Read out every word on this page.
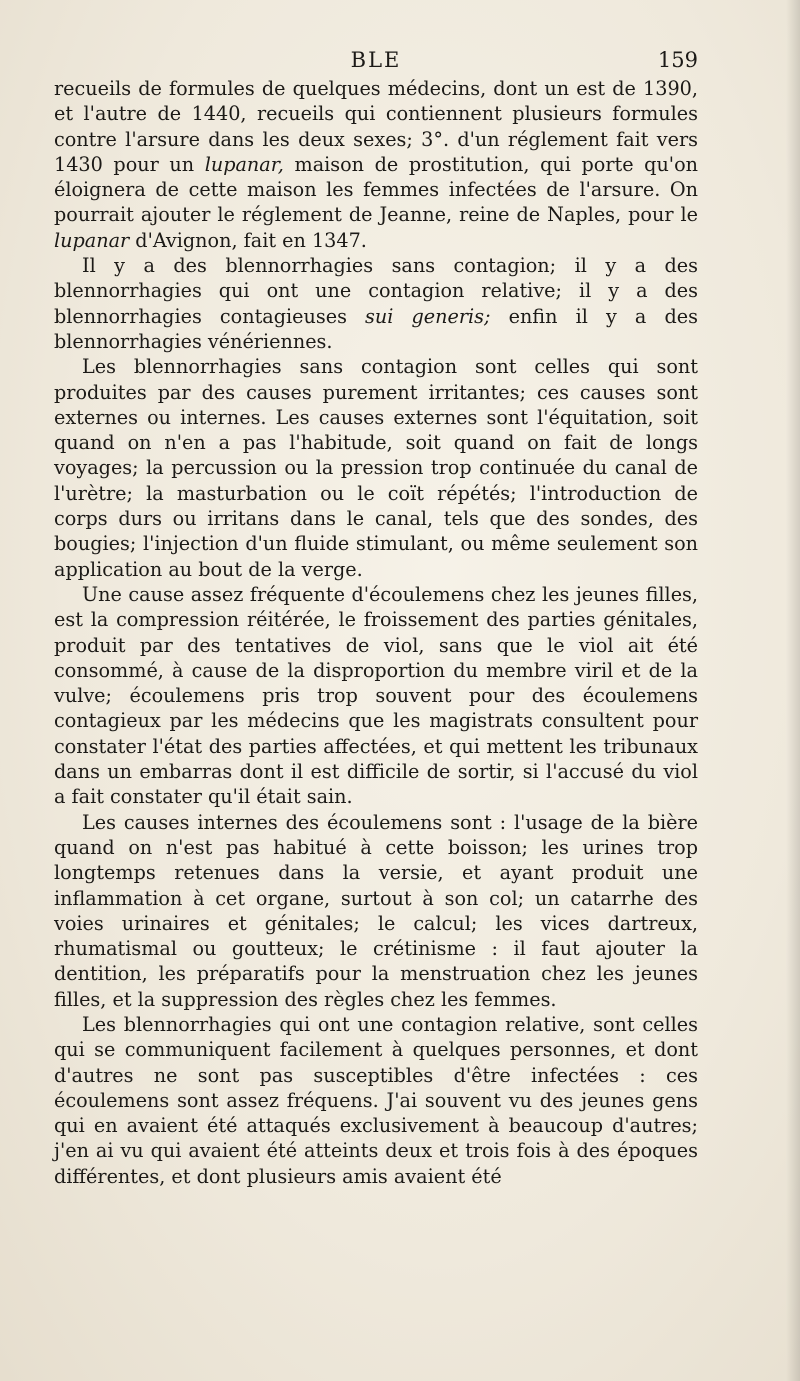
BLE	159

recueils de formules de quelques médecins, dont un est de 1390, et l'autre de 1440, recueils qui contiennent plusieurs formules contre l'arsure dans les deux sexes; 3°. d'un réglement fait vers 1430 pour un lupanar, maison de prostitution, qui porte qu'on éloignera de cette maison les femmes infectées de l'arsure. On pourrait ajouter le réglement de Jeanne, reine de Naples, pour le lupanar d'Avignon, fait en 1347.

Il y a des blennorrhagies sans contagion; il y a des blennorrhagies qui ont une contagion relative; il y a des blennorrhagies contagieuses sui generis; enfin il y a des blennorrhagies vénériennes.

Les blennorrhagies sans contagion sont celles qui sont produites par des causes purement irritantes; ces causes sont externes ou internes. Les causes externes sont l'équitation, soit quand on n'en a pas l'habitude, soit quand on fait de longs voyages; la percussion ou la pression trop continuée du canal de l'urètre; la masturbation ou le coït répétés; l'introduction de corps durs ou irritans dans le canal, tels que des sondes, des bougies; l'injection d'un fluide stimulant, ou même seulement son application au bout de la verge.

Une cause assez fréquente d'écoulemens chez les jeunes filles, est la compression réitérée, le froissement des parties génitales, produit par des tentatives de viol, sans que le viol ait été consommé, à cause de la disproportion du membre viril et de la vulve; écoulemens pris trop souvent pour des écoulemens contagieux par les médecins que les magistrats consultent pour constater l'état des parties affectées, et qui mettent les tribunaux dans un embarras dont il est difficile de sortir, si l'accusé du viol a fait constater qu'il était sain.

Les causes internes des écoulemens sont : l'usage de la bière quand on n'est pas habitué à cette boisson; les urines trop longtemps retenues dans la versie, et ayant produit une inflammation à cet organe, surtout à son col; un catarrhe des voies urinaires et génitales; le calcul; les vices dartreux, rhumatismal ou goutteux; le crétinisme : il faut ajouter la dentition, les préparatifs pour la menstruation chez les jeunes filles, et la suppression des règles chez les femmes.

Les blennorrhagies qui ont une contagion relative, sont celles qui se communiquent facilement à quelques personnes, et dont d'autres ne sont pas susceptibles d'être infectées : ces écoulemens sont assez fréquens. J'ai souvent vu des jeunes gens qui en avaient été attaqués exclusivement à beaucoup d'autres; j'en ai vu qui avaient été atteints deux et trois fois à des époques différentes, et dont plusieurs amis avaient été
